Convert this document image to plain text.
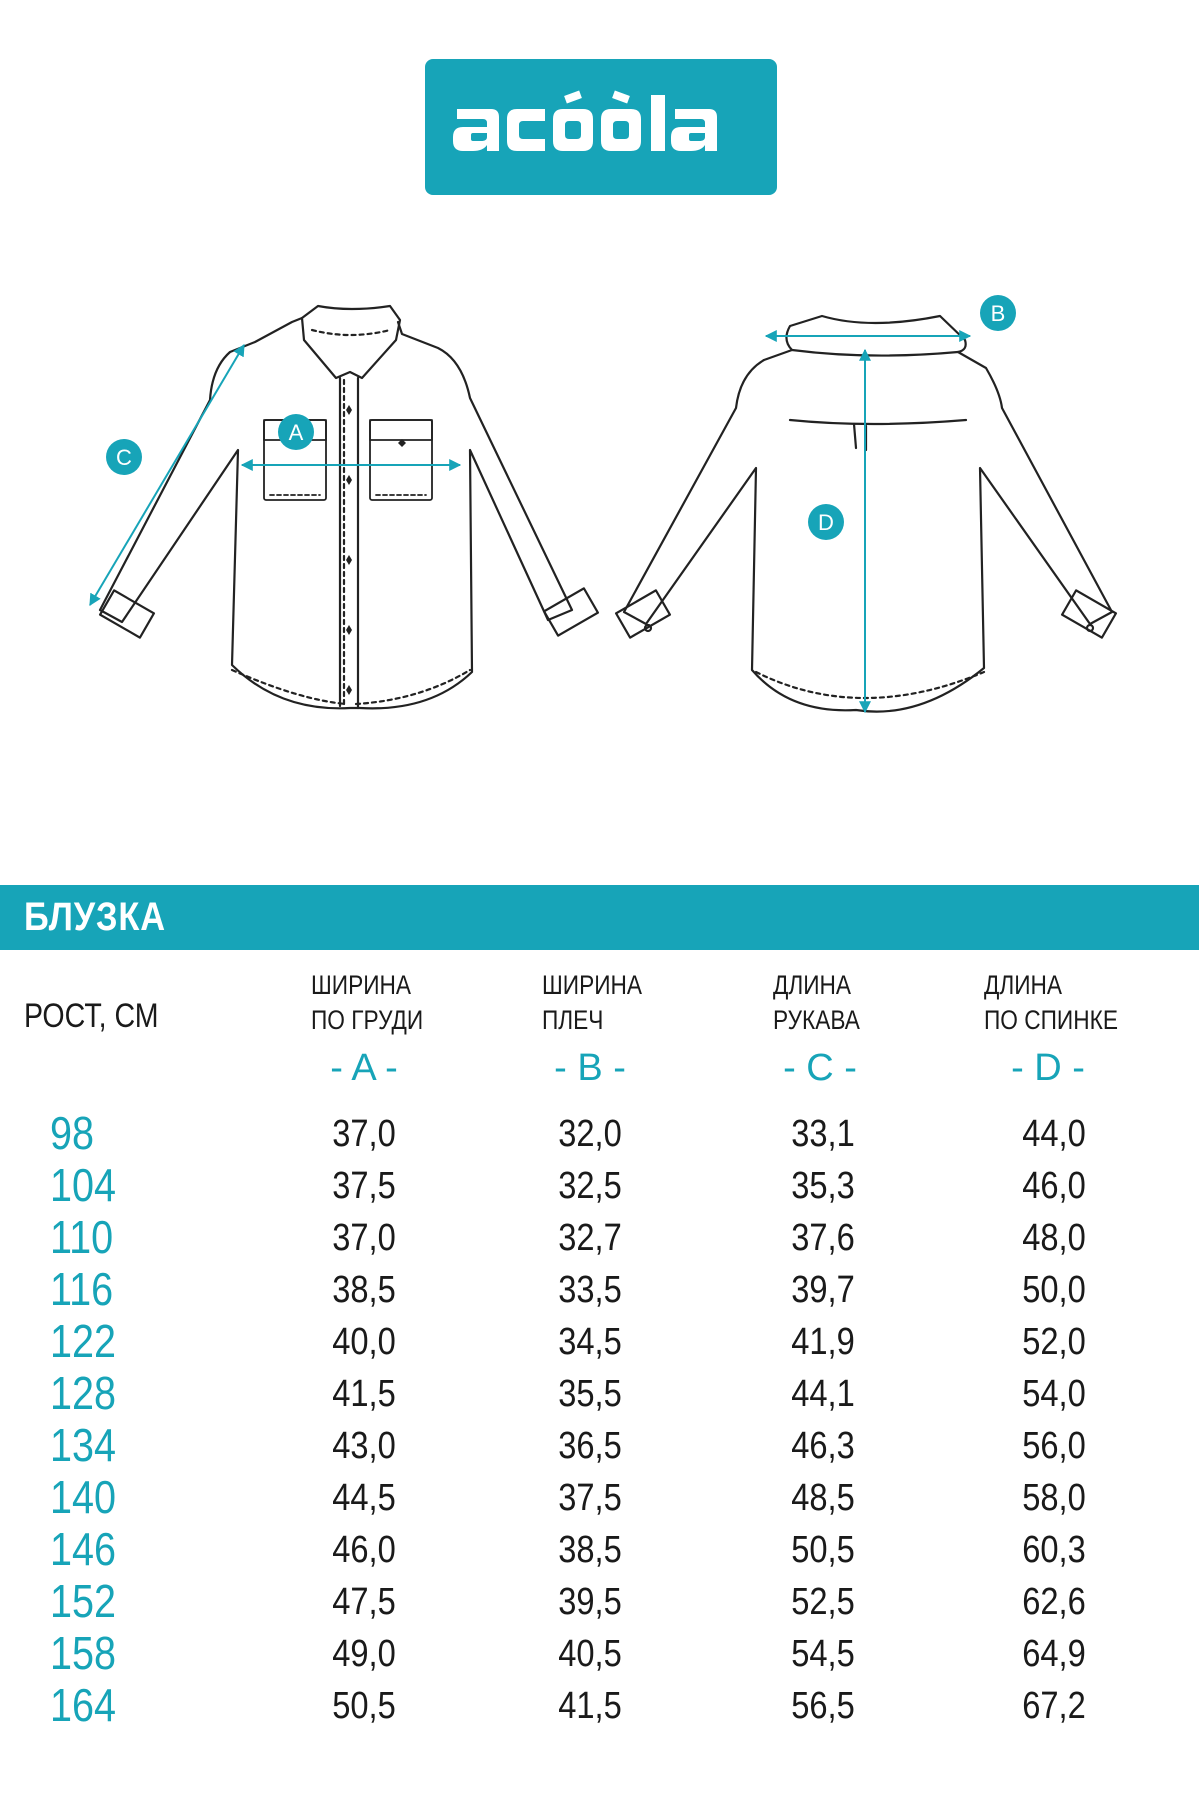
A
C
B
D
БЛУЗКА
РОСТ, СМ
ШИРИНА
ПО ГРУДИ
ШИРИНА
ПЛЕЧ
ДЛИНА
РУКАВА
ДЛИНА
ПО СПИНКЕ
- A -	- B -	- C -	- D -
98	37,0	32,0	33,1	44,0
104	37,5	32,5	35,3	46,0
110	37,0	32,7	37,6	48,0
116	38,5	33,5	39,7	50,0
122	40,0	34,5	41,9	52,0
128	41,5	35,5	44,1	54,0
134	43,0	36,5	46,3	56,0
140	44,5	37,5	48,5	58,0
146	46,0	38,5	50,5	60,3
152	47,5	39,5	52,5	62,6
158	49,0	40,5	54,5	64,9
164	50,5	41,5	56,5	67,2
